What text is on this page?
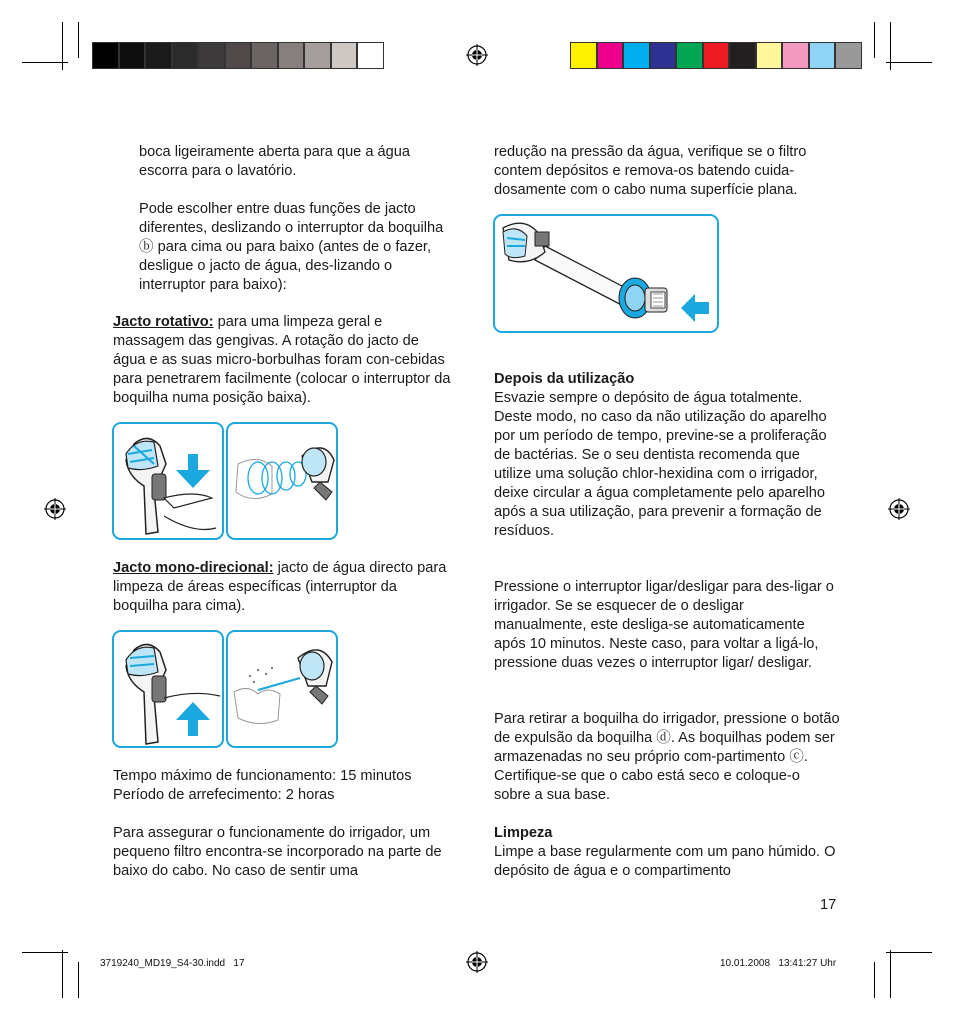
boca ligeiramente aberta para que a água escorra para o lavatório.

Pode escolher entre duas funções de jacto diferentes, deslizando o interruptor da boquilha ⓑ para cima ou para baixo (antes de o fazer, desligue o jacto de água, des-lizando o interruptor para baixo):

Jacto rotativo: para uma limpeza geral e massagem das gengivas. A rotação do jacto de água e as suas micro-borbulhas foram con-cebidas para penetrarem facilmente (colocar o interruptor da boquilha numa posição baixa).

Jacto mono-direcional: jacto de água directo para limpeza de áreas específicas (interruptor da boquilha para cima).

Tempo máximo de funcionamento: 15 minutos

Período de arrefecimento: 2 horas

Para assegurar o funcionamente do irrigador, um pequeno filtro encontra-se incorporado na parte de baixo do cabo. No caso de sentir uma

redução na pressão da água, verifique se o filtro contem depósitos e remova-os batendo cuida-dosamente com o cabo numa superfície plana.

Depois da utilização

Esvazie sempre o depósito de água totalmente. Deste modo, no caso da não utilização do aparelho por um período de tempo, previne-se a proliferação de bactérias. Se o seu dentista recomenda que utilize uma solução chlor-hexidina com o irrigador, deixe circular a água completamente pelo aparelho após a sua utilização, para prevenir a formação de resíduos.

Pressione o interruptor ligar/desligar para des-ligar o irrigador. Se se esquecer de o desligar manualmente, este desliga-se automaticamente após 10 minutos. Neste caso, para voltar a ligá-lo, pressione duas vezes o interruptor ligar/ desligar.

Para retirar a boquilha do irrigador, pressione o botão de expulsão da boquilha ⓓ. As boquilhas podem ser armazenadas no seu próprio com-partimento ⓒ. Certifique-se que o cabo está seco e coloque-o sobre a sua base.

Limpeza

Limpe a base regularmente com um pano húmido. O depósito de água e o compartimento

17
3719240_MD19_S4-30.indd   17	10.01.2008   13:41:27 Uhr
